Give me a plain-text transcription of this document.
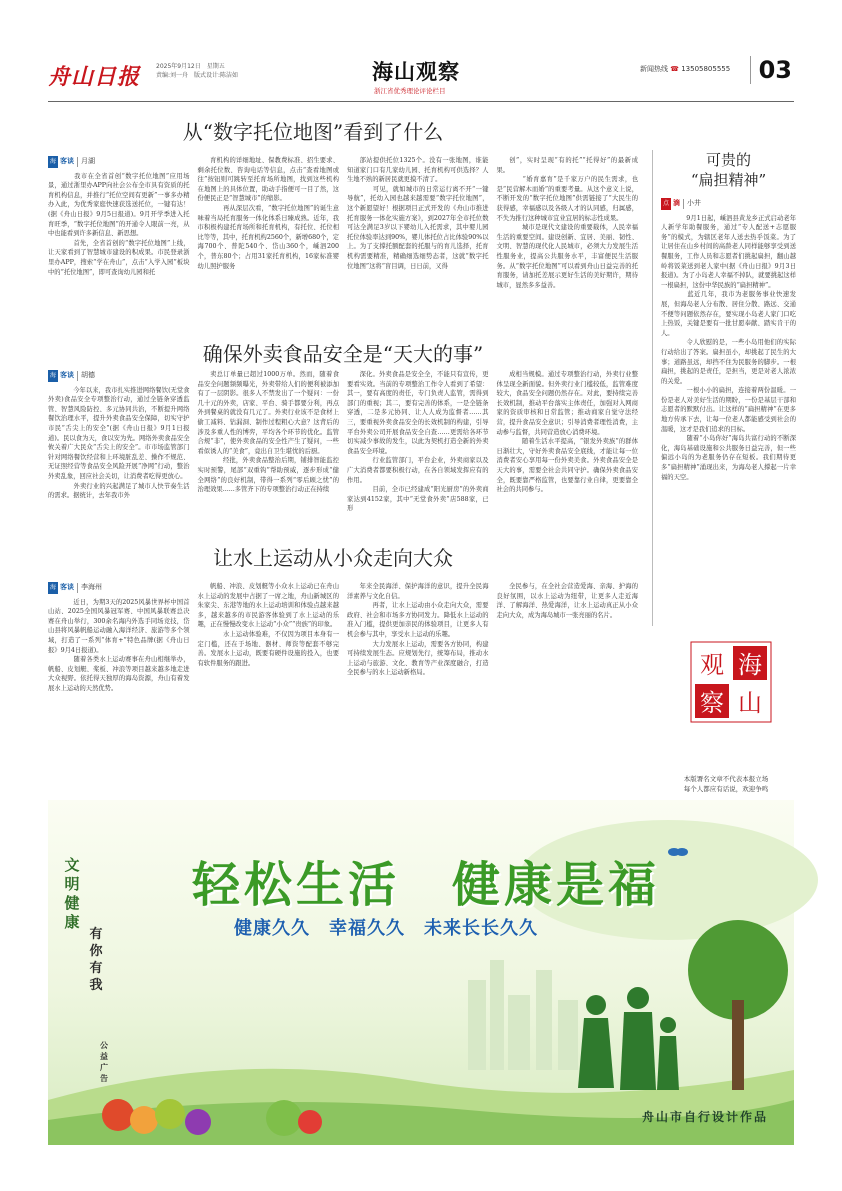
舟山日报	2025年9月12日　星期五
责编:刘一舟　版式设计:陈洁如	海山观察
浙江省优秀理论评论栏目
新闻热线 ☎ 13505805555	03
从“数字托位地图”看到了什么
海 客谈	月湖

　　我市在全省首创“数字托位地图”应用场景，通过浙里办APP向社会公布全市具有资质的托育机构信息，并推行“托位空间有更新”一事多办精办入此，为优秀家庭快速获选送托位，一键有达！(据《舟山日报》9月5日报道)。9月开学季进入托育旺季，“数字托位地图”的开通令人眼前一亮，从中也能看到许多新信息、新思想。

　　首先，全省首创的“数字托位地图”上线，让天家看到了智慧城市建设的积成果。市民登录浙里办APP，搜索“学在舟山”，点击“入学入园”板块中的“托位地图”，即可查询幼儿园和托

育机构的详细地址、保教费标准、招生要求、剩余托位数、咨询电话等信息，点击“查看地图或往”按钮则可跳转至托育场所地图，找到这些机构在地图上的具体位置，助动手指便可一目了然，这份便民正是“智慧城市”的缩影。

　　再从深层次看，“数字托位地图”的诞生意味着当局托育服务一体化体系日臻成熟。近年，我市积极构建托育场所和托育机构，有托位、托位相比等等，其中，托育机构2560个，新增680个，定海700个、普陀540个、岱山360个，嵊泗200个，普东80个；占用31家托育机构，16家标准婴幼儿照护服务

部站提供托位1325个。没有一张地图，谁能知道家门口有几家幼儿园、托育机构可供选择？人生地不熟的新居民就更摸不清了。

　　可见，就如城市的日常运行离不开“一键导航”，托幼入园也越来越需要“数字托位地图”，这个新愿望好！根据项目正式开发的《舟山市推进托育服务一体化实施方案》，到2027年全市托位数可达全满足3岁以下婴幼儿入托需求，其中婴儿园托位体验率达到90%，婴儿体托位占比体验90%以上。为了支撑托额配套的托服与的育儿选择，托育机构需要精准，精确细选细势态者，这就“数字托位地图”这将“盲目调，日日前，又得

创”，实时呈现“有的托”“托得好”的最新成果。

　　“婚育嘉育”是千家万户的民生需求，也是“民营解木而婚”的重要考量。从这个意义上说，不断开发的“数字托位地图”供需链接了“大民生的获得感，幸福感以及各级人才的认同感，归属感，不失为推行这种城市宜业宜居的标志性成果。

　　城市是现代文建设的重要载体，人民幸福生活的重要空间。建设创新、宜居、美丽、韧性、文明、智慧的现代化人民城市，必须大力发展生活性服务业，提高公共服务水平，丰富便民生活服务。从“数字托位地图”可以看到舟山日益完善的托育服务，请加托差展示更好生活的美好期许，期待城市，显然多多益善。

确保外卖食品安全是“天大的事”
海 客谈	胡德

　　今年以来，我市扎实推进网络餐饮(无堂食外卖)食品安全专项整治行动，通过全链条穿透监管、智慧风险防控、多元协同共治，不断提升网络餐饮治理水平，提升外卖食品安全保障，切实守护市民“舌尖上的安全”(据《舟山日报》9月1日报道)。民以食为天，食以安为先。网络外卖食品安全攸关着广大民众“舌尖上的安全”。市市场监管部门针对网络餐饮经营和上环境脏乱差、操作不规范、无证照经营等食品安全风险开展“净网”行动，整治外卖乱象，回应社会关切，让消费者吃得更放心。

　　外卖行业的兴起满足了城市人快节奏生活的需求。据统计，去年我市外

卖总订单量已超过1000万单。然而，随着食品安全问题频频曝光，外卖带给人们的便利被添加有了一层阴影。很多人不禁发出了一个疑问：一份几十元的外卖，店家、平台、骑手都要分利，再点外到餐桌的就没有几元了。外卖行业该不是食材上偷工减料、钻漏洞、制作过程粗心大意？这背后的涉及多重人性的博弈，平均各个环节的优化。监管合规“非”，使外卖食品的安全性产生了疑问，一些看似诱人的“美食”，竟出自卫生堪忧的后厨。

　　经批，外卖食品整治后期，铺排智能监控实时预警，尾部“双重钩”帮助预威，逐步形成“健全网络”的良好机制，带得一系列“零后顾之忧”的治理效果......多管齐下的专项整治行动正在持续

深化。外卖食品是安全全，不能只有宣传，更要看实效。当前的专项整治工作令人看到了希望：其一，要有高度的责任，专门负责人监管，需得到部门的重视；其二，要有完善的体系，一是全链条穿透，二是多元协同、让人人成为监督者……其三，要重视外卖食品安全的长效机制的构建，引导平台外卖公司开展食品安全自查……更需给各环节切实减少事故的发生，以此为契机打造全新的外卖食品安全环境。

　　行业监管部门，平台企业，外卖商家以及广大消费者都要积极行动，在各自领域发挥应有的作用。

　　目前，全市已经建成“阳光厨房”的外卖商家达到4152家，其中“无堂食外卖”店588家，已形

成相当规模。通过专项整治行动，外卖行业整体呈现全新面貌。但外卖行业门槛较低，监管难度较大，食品安全问题仍然存在。对此，要持续完善长效机制，推动平台落实主体责任，加强对入网商家的资质审核和日常监管；推动商家自觉守法经营，提升食品安全意识；引导消费者理性消费，主动参与监督，共同营造放心消费环境。

　　随着生活水平提高，“银发外卖族”的群体日渐壮大，守好外卖食品安全底线，才能让每一位消费者安心享用每一份外卖美食。外卖食品安全是天大的事，需要全社会共同守护。确保外卖食品安全，既要靠严格监管，也要靠行业自律，更要靠全社会的共同参与。

让水上运动从小众走向大众
海 客谈	李海州

　　近日，为期3天的2025风暴世界杯中国首山站、2025全国风暴冠军赛、中国风暴联赛总决赛在舟山举行，300余名海内外选手同场竞技，岱山县将风暴帆船运动融入海洋经济、旅游等多个领域，打造了一系列“体育+”特色品牌(据《舟山日报》9月4日报道)。

　　随着各类水上运动赛事在舟山相继举办，帆船、皮划艇、桨板、冲浪等项目越来越多地走进大众视野。依托得天独厚的海岛资源，舟山有着发展水上运动的天然优势。

帆船、冲浪、皮划艇等小众水上运动已在舟山水上运动的发展中占据了一席之地，舟山新城区的朱家尖、东港等地的水上运动培训和体验点越来越多，越来越多的市民游客体验到了水上运动的乐趣，正在慢慢改变水上运动“小众”“贵族”的印象。

　　水上运动体验难，不仅因为项目本身有一定门槛，还在于场地、器材、师资等配套不够完善。发展水上运动，既要有硬件设施的投入，也要有软件服务的跟进。

年来全民海洋、保护海洋的意识，提升全民海洋素养与文化自信。

　　再者，让水上运动由小众走向大众，需要政府、社会和市场多方协同发力。降低水上运动的准入门槛，提供更加亲民的体验项目，让更多人有机会参与其中，享受水上运动的乐趣。

　　大力发展水上运动，需要各方协同，构建可持续发展生态。应规划先行，统筹布局，推动水上运动与旅游、文化、教育等产业深度融合，打造全民参与的水上运动新格局。

全民参与，在全社会营造爱海、亲海、护海的良好氛围，以水上运动为纽带，让更多人走近海洋、了解海洋、热爱海洋，让水上运动真正从小众走向大众，成为海岛城市一张亮丽的名片。

可贵的
“扁担精神”
点 滴	小井

　　9月1日起，嵊泗县黄龙乡正式启动老年人新学年助餐服务，通过“专人配送+志愿服务”的模式，为辖区老年人送去热乎饭菜。为了让居住在山乡村间的高龄老人同样能够享受到送餐服务，工作人员和志愿者们挑起扁担，翻山越岭将饭菜送到老人家中(据《舟山日报》9月3日报道)。为了小岛老人幸福不掉队，就要挑起这样一根扁担，这份中华民族的“扁担精神”。

　　蓝近几年，我市为老服务事业快速发展，但海岛老人分布散、居住分散、路远、交通不便等问题依然存在，要实现小岛老人家门口吃上热饭，关键是要有一批甘愿奉献、踏实肯干的人。

　　令人欣慰的是，一些小岛用他们的实际行动给出了答案。扁担虽小，却挑起了民生的大事；道路虽远，却挡不住为民服务的脚步。一根扁担，挑起的是责任，是担当，更是对老人浓浓的关爱。

　　一根小小的扁担，连接着两份温暖。一份是老人对美好生活的期盼，一份是基层干部和志愿者的默默付出。让这样的“扁担精神”在更多地方传承下去，让每一位老人都能感受到社会的温暖，这才是我们追求的目标。

　　随着“小岛你好”海岛共富行动的不断深化，海岛基础设施和公共服务日益完善，但一些偏远小岛的为老服务仍存在短板。我们期待更多“扁担精神”涌现出来，为海岛老人撑起一片幸福的天空。

观 海
察 山
本版署名文章不代表本报立场
每个人都应有话说，欢迎争鸣
文
明
健
康
有
你
有
我
公
益
广
告
轻松生活　健康是福
健康久久　幸福久久　未来长长久久
舟山市自行设计作品
